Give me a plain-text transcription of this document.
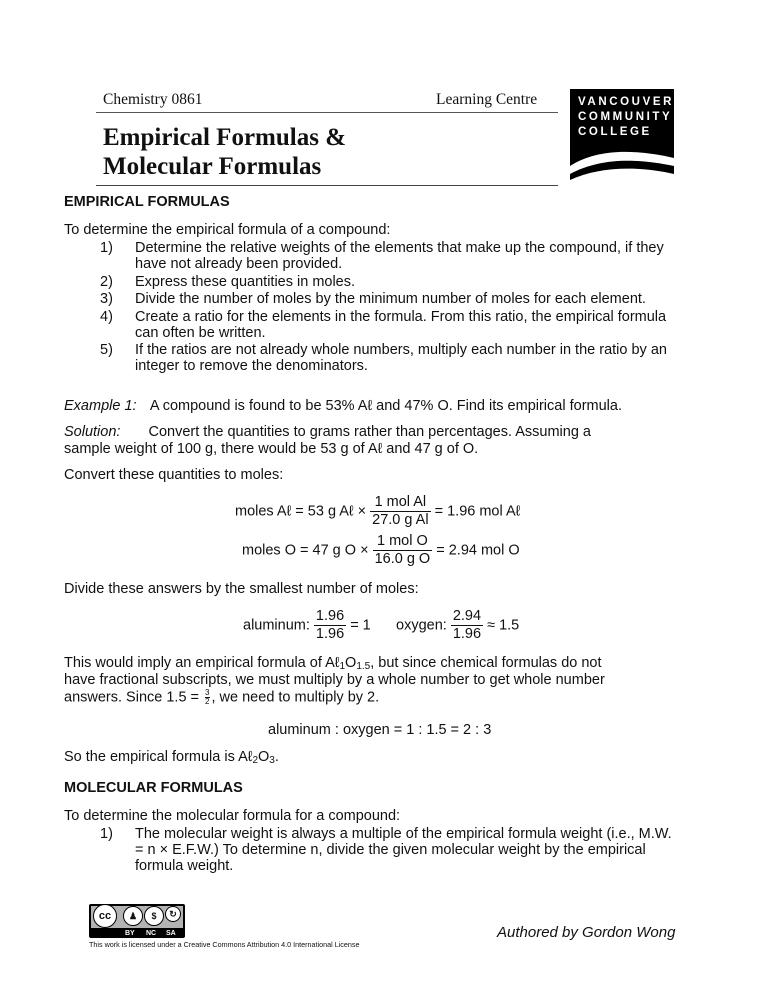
Chemistry 0861	Learning Centre
Empirical Formulas &
Molecular Formulas
VANCOUVER
COMMUNITY
COLLEGE
EMPIRICAL FORMULAS
To determine the empirical formula of a compound:
1) Determine the relative weights of the elements that make up the compound, if they have not already been provided.
2) Express these quantities in moles.
3) Divide the number of moles by the minimum number of moles for each element.
4) Create a ratio for the elements in the formula. From this ratio, the empirical formula can often be written.
5) If the ratios are not already whole numbers, multiply each number in the ratio by an integer to remove the denominators.
Example 1: A compound is found to be 53% Aℓ and 47% O. Find its empirical formula.
Solution: Convert the quantities to grams rather than percentages. Assuming a
sample weight of 100 g, there would be 53 g of Aℓ and 47 g of O.
Convert these quantities to moles:
moles Aℓ = 53 g Aℓ × $\frac{\text{1 mol Al}}{\text{27.0 g Al}} = 1.96$ mol Aℓ
moles O = 47 g $O \times \frac{\text{1 mol O}}{\text{16.0 g O}} = 2.94$ mol O
Divide these answers by the smallest number of moles:
aluminum: $\frac{1.96}{1.96} = 1$ oxygen: $\frac{2.94}{1.96} \approx 1.5$
This would imply an empirical formula of $A\ell_1O_{1.5}$, but since chemical formulas do not
have fractional subscripts, we must multiply by a whole number to get whole number
answers. Since $1.5 = \frac{3}{2}$ , we need to multiply by 2.
aluminum : oxygen = 1 : 1.5 = 2 : 3
So the empirical formula is $A\ell_2O_3$.
MOLECULAR FORMULAS
To determine the molecular formula for a compound:
1) The molecular weight is always a multiple of the empirical formula weight (i.e., M.W. = n × E.F.W.) To determine n, divide the given molecular weight by the empirical formula weight.
cc	♟	$	↻
BY NC SA
This work is licensed under a Creative Commons Attribution 4.0 International License
Authored by Gordon Wong
